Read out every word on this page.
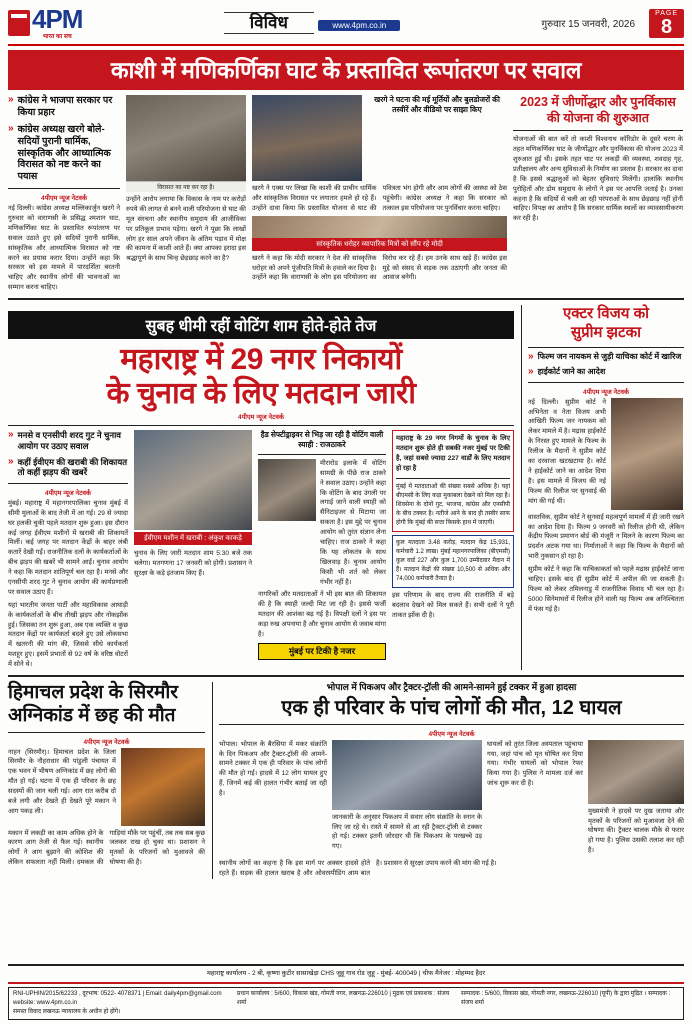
4PM
भारत का सच
विविध	www.4pm.co.in	गुरुवार 15 जनवरी, 2026
PAGE
8
काशी में मणिकर्णिका घाट के प्रस्तावित रूपांतरण पर सवाल
» कांग्रेस ने भाजपा सरकार पर किया प्रहार
» कांग्रेस अध्यक्ष खरगे बोले- सदियों पुरानी धार्मिक, सांस्कृतिक और आध्यात्मिक विरासत को नष्ट करने का पयास
4पीएम न्यूज नेटवर्क
नई दिल्ली। कांग्रेस अध्यक्ष मल्लिकार्जुन खरगे ने गुरुवार को वाराणसी के प्रसिद्ध श्मशान घाट, मणिकर्णिका घाट के प्रस्तावित रूपांतरण पर सवाल उठाते हुए इसे सदियों पुरानी धार्मिक, सांस्कृतिक और आध्यात्मिक विरासत को नष्ट करने का प्रयास करार दिया। उन्होंने कहा कि सरकार को इस मामले में पारदर्शिता बरतनी चाहिए और स्थानीय लोगों की भावनाओं का सम्मान करना चाहिए।
विरासत का नष्ट कर रहा है।
उन्होंने आरोप लगाया कि विकास के नाम पर करोड़ों रुपये की लागत से बनने वाली परियोजना से घाट की मूल संरचना और स्थानीय समुदाय की आजीविका पर प्रतिकूल प्रभाव पड़ेगा। खरगे ने पूछा कि लाखों लोग हर साल अपने जीवन के अंतिम पड़ाव में मोक्ष की कामना में काशी आते हैं। क्या आपका इरादा इस श्रद्धापूर्ण के साथ चिन्ह छेड़छाड़ करने का है?
खरगे ने घटना की मई मूर्तियों और बुलडोजरों की तस्वीरें और वीडियो पर साझा किए
खरगे ने एक्स पर लिखा कि काशी की प्राचीन धार्मिक और सांस्कृतिक विरासत पर लगातार हमले हो रहे हैं। उन्होंने दावा किया कि प्रस्तावित योजना से घाट की पवित्रता भंग होगी और आम लोगों की आस्था को ठेस पहुंचेगी। कांग्रेस अध्यक्ष ने कहा कि सरकार को तत्काल इस परियोजना पर पुनर्विचार करना चाहिए।
सांस्कृतिक धरोहर व्यापारिक मित्रों को सौंप रहे मोदी
खरगे ने कहा कि मोदी सरकार ने देश की सांस्कृतिक धरोहर को अपने पूंजीपति मित्रों के हवाले कर दिया है। उन्होंने कहा कि वाराणसी के लोग इस परियोजना का विरोध कर रहे हैं। हम उनके साथ खड़े हैं। कांग्रेस इस मुद्दे को संसद से सड़क तक उठाएगी और जनता की आवाज बनेगी।
2023 में जीर्णोद्धार और पुनर्विकास की योजना की शुरुआत
योजनाओं की बात करें तो काशी विश्वनाथ कॉरिडोर के दूसरे चरण के तहत मणिकर्णिका घाट के जीर्णोद्धार और पुनर्विकास की योजना 2023 में शुरुआत हुई थी। इसके तहत घाट पर लकड़ी की व्यवस्था, शवदाह गृह, प्रतीक्षालय और अन्य सुविधाओं के निर्माण का प्रस्ताव है। सरकार का दावा है कि इससे श्रद्धालुओं को बेहतर सुविधाएं मिलेंगी। हालांकि स्थानीय पुरोहितों और डोम समुदाय के लोगों ने इस पर आपत्ति जताई है। उनका कहना है कि सदियों से चली आ रही परंपराओं के साथ छेड़छाड़ नहीं होनी चाहिए। विपक्ष का आरोप है कि सरकार धार्मिक स्थलों का व्यावसायीकरण कर रही है।
सुबह धीमी रहीं वोटिंग शाम होते-होते तेज
महाराष्ट्र में 29 नगर निकायों
के चुनाव के लिए मतदान जारी
4पीएम न्यूज नेटवर्क
» मनसे व एनसीपी शरद गुट ने चुनाव आयोग पर उठाए सवाल
» कहीं ईवीएम की खराबी की शिकायत तो कहीं झड़प की खबरें
4पीएम न्यूज नेटवर्क
मुंबई। महाराष्ट्र में महानगरपालिका चुनाव मुंबई में सीमी मुलाओं के बाद तेजी में आ गई। 29 से ज्यादा घर हलकी चुकी पहले मतदान शुरू हुआ। इस दौरान कई जगह ईवीएम मशीनों में खराबी की शिकायतें मिलीं। कई जगह पर मतदान केंद्रों के बाहर लंबी कतारें देखी गईं। राजनीतिक दलों के कार्यकर्ताओं के बीच झड़प की खबरें भी सामने आईं। चुनाव आयोग ने कहा कि मतदान शांतिपूर्ण चल रहा है। मनसे और एनसीपी शरद गुट ने चुनाव आयोग की कार्यप्रणाली पर सवाल उठाए हैं।
यहां भारतीय जनता पार्टी और महाविकास आघाड़ी के कार्यकर्ताओं के बीच तीखी झड़प और नोकझोंक हुई। जिसका तन शुरू हुआ, अब एक व्यक्ति व कुछ मतदान केंद्रों पर कार्यकर्ता बदले हुए उसे लोकसभा में खतरनी की मांग की, जिससे सीधे कार्यकर्ता मशहूर हुए। इसमें प्रभातों से 92 वर्ष के वरिष्ठ वोटरों में सोने थे।
ईवीएम मशीन में खराबी : अंकुश काकड़े
चुनाव के लिए जारी मतदान शाम 5:30 बजे तक चलेगा। मतगणना 17 जनवरी को होगी। प्रशासन ने सुरक्षा के कड़े इंतजाम किए हैं।
हैड सेफ्टीड्राइवर से भिड़ जा रही है वोटिंग वाली स्याही : राजठाकरे
मीरारोड इलाके में वोटिंग सामग्री के पीछे राज ठाकरे ने सवाल उठाए। उन्होंने कहा कि वोटिंग के बाद उंगली पर लगाई जाने वाली स्याही को सैनिटाइजर से मिटाया जा सकता है। इस मुद्दे पर चुनाव आयोग को तुरंत संज्ञान लेना चाहिए। राज ठाकरे ने कहा कि यह लोकतंत्र के साथ खिलवाड़ है। चुनाव आयोग किसी भी शर्त को लेकर गंभीर नहीं है।
नागरिकों और मतदाताओं ने भी इस बात की शिकायत की है कि स्याही जल्दी मिट जा रही है। इससे फर्जी मतदान की आशंका बढ़ गई है। विपक्षी दलों ने इस पर कड़ा रुख अपनाया है और चुनाव आयोग से जवाब मांगा है।
मुंबई पर टिकी है नजर
महाराष्ट्र के 29 नगर निगमों के चुनाव के लिए मतदान शुरू होते ही सबकी नजर मुंबई पर टिकी है, जहां सबसे ज्यादा 227 वार्डों के लिए मतदान हो रहा है
मुंबई में मतदाताओं की संख्या सबसे अधिक है। यहां बीएमसी के लिए कड़ा मुकाबला देखने को मिल रहा है। शिवसेना के दोनों गुट, भाजपा, कांग्रेस और एनसीपी के बीच टक्कर है। नतीजे आने के बाद ही तस्वीर साफ होगी कि मुंबई की सत्ता किसके हाथ में जाएगी।
कुल मतदाता 3.48 करोड़, मतदान केंद्र 15,931, कर्मचारी 1.2 लाख। मुंबई महानगरपालिका (बीएमसी) कुल वार्ड 227 और कुल 1,700 उम्मीदवार मैदान में हैं। मतदान केंद्रों की संख्या 10,500 से अधिक और 74,000 कर्मचारी तैनात है।
इस परिणाम के बाद राज्य की राजनीति में बड़े बदलाव देखने को मिल सकते हैं। सभी दलों ने पूरी ताकत झोंक दी है।
एक्टर विजय को
सुप्रीम झटका
» फिल्म जन नायकम से जुड़ी याचिका कोर्ट में खारिज
» हाईकोर्ट जाने का आदेश
4पीएम न्यूज नेटवर्क
नई दिल्ली। सुप्रीम कोर्ट ने अभिनेता व नेता विजय अभी आखिरी फिल्म जन नायकम को लेकर मामले में है। मद्रास हाईकोर्ट के निरस्त हुए मामले के फिल्म के रिलीज के मैदानों ने सुप्रीम कोर्ट का दरवाजा खटखटाया है। कोर्ट ने हाईकोर्ट जाने का आदेश दिया है। इस मामले में विजय की नई फिल्म की रिलीज पर सुनवाई की मांग की गई थी।
वास्तविक, सुप्रीम कोर्ट ने सुनवाई महत्वपूर्ण मामलों में ही जारी रखने का आदेश दिया है। फिल्म 9 जनवरी को रिलीज होनी थी, लेकिन केंद्रीय फिल्म प्रमाणन बोर्ड की मंजूरी न मिलने के कारण फिल्म का प्रदर्शन अटक गया था। निर्माताओं ने कहा कि फिल्म के मैदानों को भारी नुकसान हो रहा है।
सुप्रीम कोर्ट ने कहा कि याचिकाकर्ता को पहले मद्रास हाईकोर्ट जाना चाहिए। इसके बाद ही सुप्रीम कोर्ट में अपील की जा सकती है। फिल्म को लेकर तमिलनाडु में राजनीतिक विवाद भी चल रहा है। 5000 सिनेमाघरों में रिलीज होने वाली यह फिल्म अब अनिश्चितता में फंस गई है।
हिमाचल प्रदेश के सिरमौर
अग्निकांड में छह की मौत
4पीएम न्यूज नेटवर्क
नाहन (सिरमौर)। हिमाचल प्रदेश के जिला सिरमौर के नौहराधार की पांडुली पंचायत में एक भवन में भीषण अग्निकांड में छह लोगों की मौत हो गई। घटना में एक ही परिवार के छह सदस्यों की जान चली गई। आग रात करीब दो बजे लगी और देखते ही देखते पूरे मकान ने आग पकड़ ली।
मकान में लकड़ी का काम अधिक होने के कारण आग तेजी से फैल गई। स्थानीय लोगों ने आग बुझाने की कोशिश की लेकिन सफलता नहीं मिली। दमकल की गाड़ियां मौके पर पहुंचीं, तब तक सब कुछ जलकर राख हो चुका था। प्रशासन ने मृतकों के परिजनों को मुआवजे की घोषणा की है।
भोपाल में पिकअप और ट्रैक्टर-ट्रॉली की आमने-सामने हुई टक्कर में हुआ हादसा
एक ही परिवार के पांच लोगों की मौत, 12 घायल
4पीएम न्यूज नेटवर्क
भोपाल। भोपाल के बैरसिया में मकर संक्रांति के दिन पिकअप और ट्रैक्टर-ट्रॉली की आमने-सामने टक्कर में एक ही परिवार के पांच लोगों की मौत हो गई। हादसे में 12 लोग घायल हुए हैं, जिनमें कई की हालत गंभीर बताई जा रही है।
जानकारी के अनुसार पिकअप में सवार लोग संक्रांति के स्नान के लिए जा रहे थे। रास्ते में सामने से आ रही ट्रैक्टर-ट्रॉली से टक्कर हो गई। टक्कर इतनी जोरदार थी कि पिकअप के परखच्चे उड़ गए।
घायलों को तुरंत जिला अस्पताल पहुंचाया गया, जहां पांच को मृत घोषित कर दिया गया। गंभीर घायलों को भोपाल रेफर किया गया है। पुलिस ने मामला दर्ज कर जांच शुरू कर दी है।
मुख्यमंत्री ने हादसे पर दुख जताया और मृतकों के परिजनों को मुआवजा देने की घोषणा की। ट्रैक्टर चालक मौके से फरार हो गया है। पुलिस उसकी तलाश कर रही है।
स्थानीय लोगों का कहना है कि इस मार्ग पर अक्सर हादसे होते रहते हैं। सड़क की हालत खराब है और ओवरस्पीडिंग आम बात है। प्रशासन से सुरक्षा उपाय करने की मांग की गई है।
महाराष्ट्र कार्यालय - 2 बी, कृष्णा कुटीर सासाखेड़ा CHS जुहू गाव रोड जुहू - मुंबई- 400049 | चीफ मैनेजर : मोहम्मद हैदर
RNI-UPHIN/2015/62233 , दूरभाष: 0522- 4078371 | Email: daily4pm@gmail.com website: www.4pm.co.in
समस्त विवाद लखनऊ न्यायालय के अधीन हो होंगे।
प्रधान कार्यालय : 5/600, विकास खंड, गोमती नगर, लखनऊ-226010 | मुद्रक एवं प्रकाशक : संजय शर्मा
सम्पादक : 5/600, विकास खंड, गोमती नगर, लखनऊ-226010 (यूपी) के द्वारा मुद्रित । सम्पादक : संजय शर्मा
